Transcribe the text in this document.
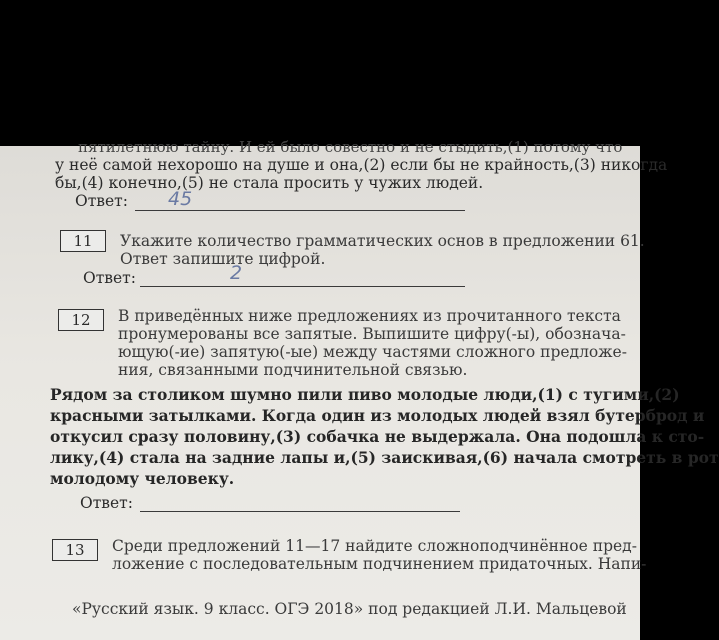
пятилетнюю тайну. И ей было совестно и не стыдить,(1) потому что
у неё самой нехорошо на душе и она,(2) если бы не крайность,(3) никогда
бы,(4) конечно,(5) не стала просить у чужих людей.
Ответ: 45
11	Укажите количество грамматических основ в предложении 61.
Ответ запишите цифрой.
Ответ:	2
12	В приведённых ниже предложениях из прочитанного текста
пронумерованы все запятые. Выпишите цифру(-ы), обознача-
ющую(-ие) запятую(-ые) между частями сложного предложе-
ния, связанными подчинительной связью.
Рядом за столиком шумно пили пиво молодые люди,(1) с тугими,(2)
красными затылками. Когда один из молодых людей взял бутерброд и
откусил сразу половину,(3) собачка не выдержала. Она подошла к сто-
лику,(4) стала на задние лапы и,(5) заискивая,(6) начала смотреть в рот
молодому человеку.
Ответ:
13	Среди предложений 11—17 найдите сложноподчинённое пред-
ложение с последовательным подчинением придаточных. Напи-
«Русский язык. 9 класс. ОГЭ 2018» под редакцией Л.И. Мальцевой
